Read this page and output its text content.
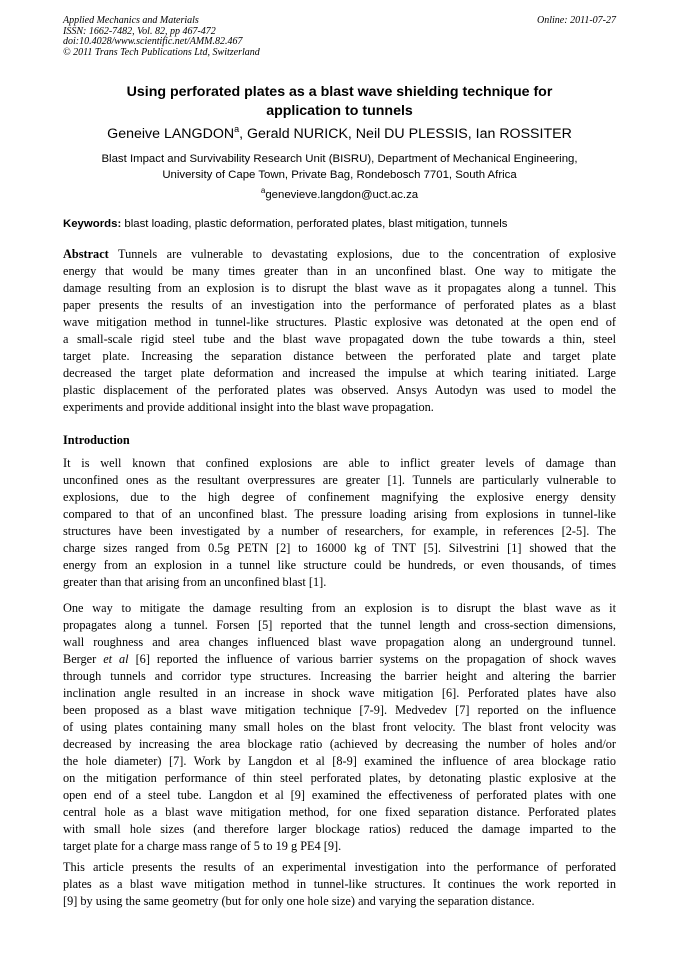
Applied Mechanics and Materials
ISSN: 1662-7482, Vol. 82, pp 467-472
doi:10.4028/www.scientific.net/AMM.82.467
© 2011 Trans Tech Publications Ltd, Switzerland
Online: 2011-07-27
Using perforated plates as a blast wave shielding technique for
application to tunnels
Geneive LANGDON$^a$, Gerald NURICK, Neil DU PLESSIS, Ian ROSSITER
Blast Impact and Survivability Research Unit (BISRU), Department of Mechanical Engineering,
University of Cape Town, Private Bag, Rondebosch 7701, South Africa
$^a$genevieve.langdon@uct.ac.za
Keywords: blast loading, plastic deformation, perforated plates, blast mitigation, tunnels
Abstract Tunnels are vulnerable to devastating explosions, due to the concentration of explosive
energy that would be many times greater than in an unconfined blast. One way to mitigate the
damage resulting from an explosion is to disrupt the blast wave as it propagates along a tunnel. This
paper presents the results of an investigation into the performance of perforated plates as a blast
wave mitigation method in tunnel-like structures. Plastic explosive was detonated at the open end of
a small-scale rigid steel tube and the blast wave propagated down the tube towards a thin, steel
target plate. Increasing the separation distance between the perforated plate and target plate
decreased the target plate deformation and increased the impulse at which tearing initiated. Large
plastic displacement of the perforated plates was observed. Ansys Autodyn was used to model the
experiments and provide additional insight into the blast wave propagation.
Introduction
It is well known that confined explosions are able to inflict greater levels of damage than
unconfined ones as the resultant overpressures are greater [1]. Tunnels are particularly vulnerable to
explosions, due to the high degree of confinement magnifying the explosive energy density
compared to that of an unconfined blast. The pressure loading arising from explosions in tunnel-like
structures have been investigated by a number of researchers, for example, in references [2-5]. The
charge sizes ranged from 0.5g PETN [2] to 16000 kg of TNT [5]. Silvestrini [1] showed that the
energy from an explosion in a tunnel like structure could be hundreds, or even thousands, of times
greater than that arising from an unconfined blast [1].
One way to mitigate the damage resulting from an explosion is to disrupt the blast wave as it
propagates along a tunnel. Forsen [5] reported that the tunnel length and cross-section dimensions,
wall roughness and area changes influenced blast wave propagation along an underground tunnel.
Berger et al [6] reported the influence of various barrier systems on the propagation of shock waves
through tunnels and corridor type structures. Increasing the barrier height and altering the barrier
inclination angle resulted in an increase in shock wave mitigation [6]. Perforated plates have also
been proposed as a blast wave mitigation technique [7-9]. Medvedev [7] reported on the influence
of using plates containing many small holes on the blast front velocity. The blast front velocity was
decreased by increasing the area blockage ratio (achieved by decreasing the number of holes and/or
the hole diameter) [7]. Work by Langdon et al [8-9] examined the influence of area blockage ratio
on the mitigation performance of thin steel perforated plates, by detonating plastic explosive at the
open end of a steel tube. Langdon et al [9] examined the effectiveness of perforated plates with one
central hole as a blast wave mitigation method, for one fixed separation distance. Perforated plates
with small hole sizes (and therefore larger blockage ratios) reduced the damage imparted to the
target plate for a charge mass range of 5 to 19 g PE4 [9].
This article presents the results of an experimental investigation into the performance of perforated
plates as a blast wave mitigation method in tunnel-like structures. It continues the work reported in
[9] by using the same geometry (but for only one hole size) and varying the separation distance.
